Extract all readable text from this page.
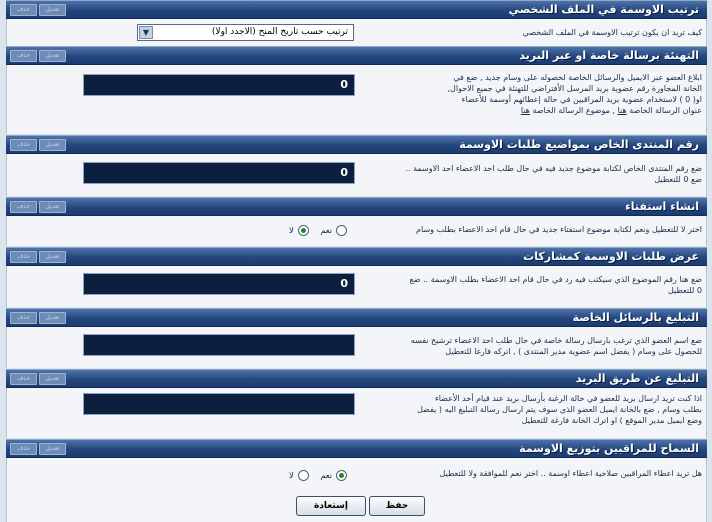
ترتيب الاوسمة في الملف الشخصي
حذف	تعديل
كيف تريد ان يكون ترتيب الاوسمة في الملف الشخصي
ترتيب حسب تاريخ المنح (الاجدد اولا)
▼
التهنئة برسالة خاصة او عبر البريد
حذف	تعديل
ابلاغ العضو عبر الايميل والرسائل الخاصة لحصوله على وسام جديد , ضع في
الخانة المجاورة رقم عضوية بريد المرسل الأفتراضي للتهنئة في جميع الاحوال,
او( 0 ) لاستخدام عضوية بريد المراقبين في حالة إعطائهم أوسمة للأعضاء
عنوان الرسالة الخاصة هنا , موضوع الرسالة الخاصة هنا
0
رقم المنتدى الخاص بمواضيع طلبات الاوسمة
حذف	تعديل
ضع رقم المنتدى الخاص لكتابة موضوع جديد فيه في حال طلب احد الاعضاء احد الاوسمة ..
ضع 0 للتعطيل
0
انشاء استفتاء
حذف	تعديل
اختر لا للتعطيل ونعم لكتابة موضوع استفتاء جديد في حال قام احد الاعضاء بطلب وسام
نعم
لا
عرض طلبات الاوسمة كمشاركات
حذف	تعديل
ضع هنا رقم الموضوع الذي سيكتب فيه رد في حال قام احد الاعضاء بطلب الاوسمة .. ضع
0 للتعطيل
0
التبليغ بالرسائل الخاصة
حذف	تعديل
ضع اسم العضو الذي ترغب بارسال رسالة خاصة في حال طلب احد الاعضاء ترشيح نفسه
للحصول على وسام ( يفضل اسم عضوية مدير المنتدى ) , اتركه فارغا للتعطيل
التبليغ عن طريق البريد
حذف	تعديل
اذا كنت تريد ارسال بريد للعضو في حالة الرغبة بأرسال بريد عند قيام أحد الأعضاء
بطلب وسام , ضع بالخانة ايميل العضو الذي سوف يتم ارسال رسالة التبليغ اليه ( يفضل
وضع ايميل مدير الموقع ) او اترك الخانة فارغة للتعطيل
السماح للمراقبين بتوزيع الاوسمة
حذف	تعديل
هل تريد اعطاء المراقبين صلاحية اعطاء اوسمة .. اختر نعم للموافقة ولا للتعطيل
نعم
لا
حفظ
إستعادة
